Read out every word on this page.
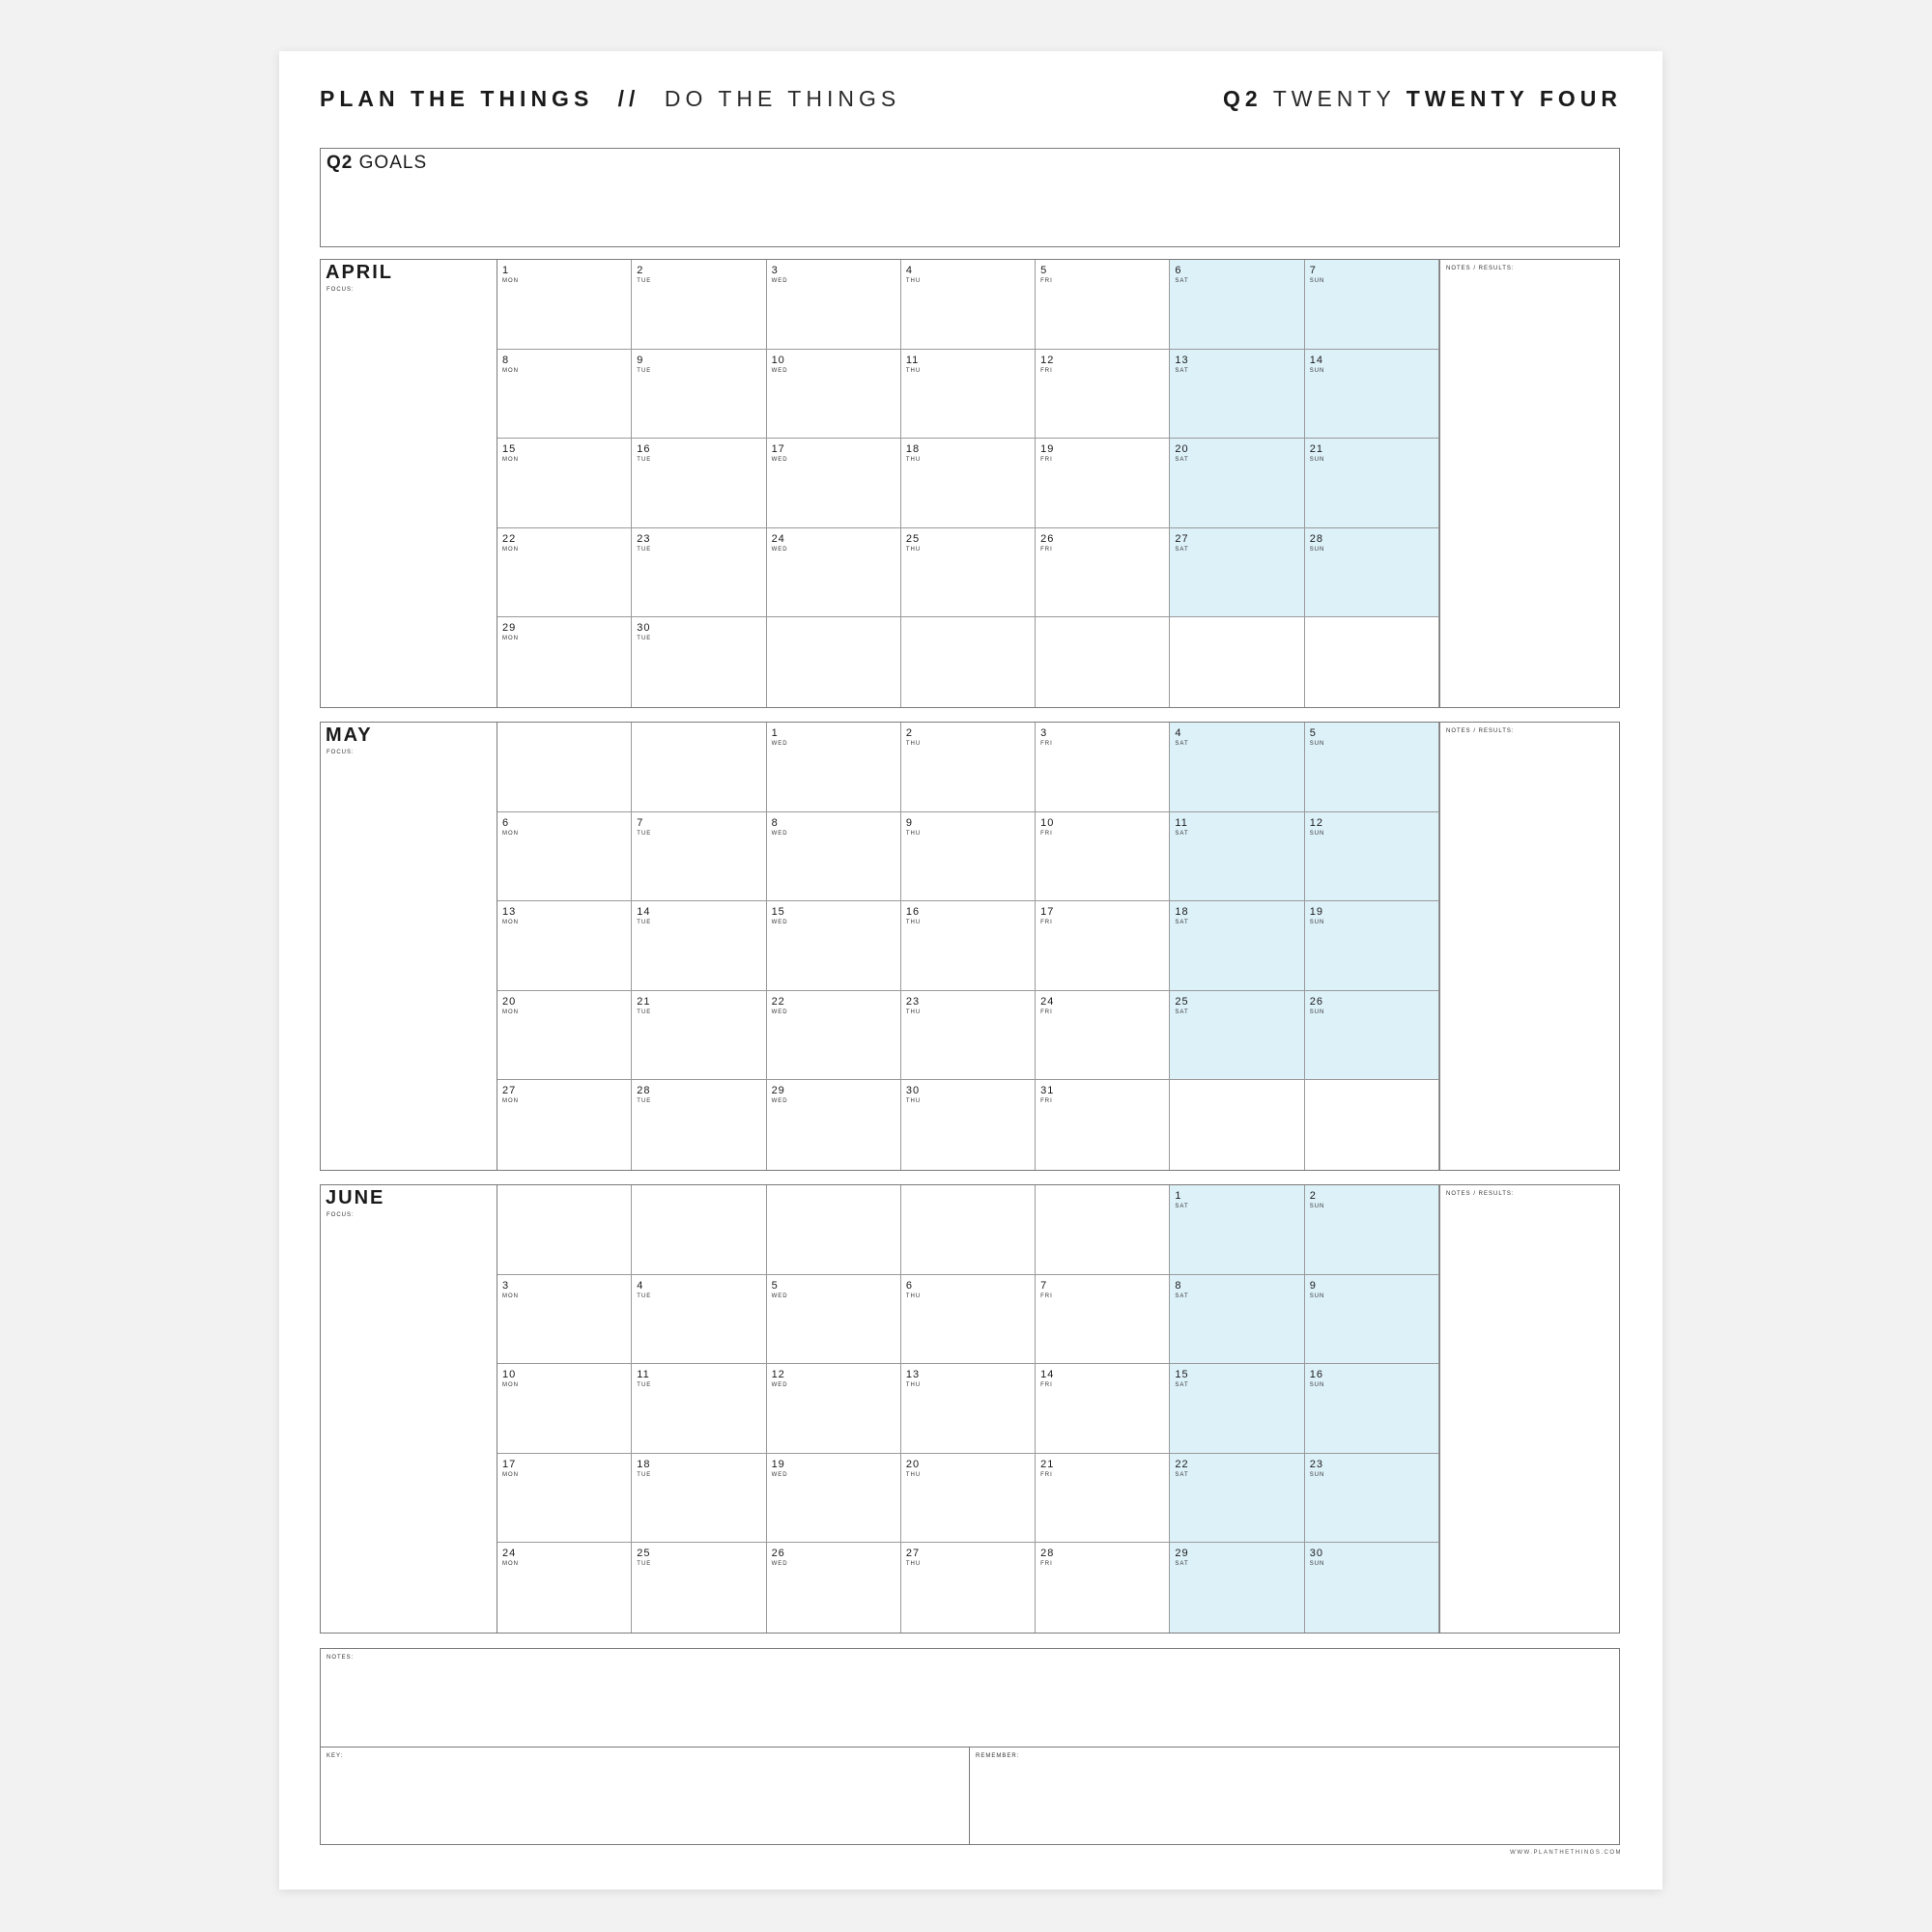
PLAN THE THINGS // DO THE THINGS	Q2 TWENTY TWENTY FOUR
Q2 GOALS
APRIL
FOCUS:
1
MON
2
TUE
3
WED
4
THU
5
FRI
6
SAT
7
SUN
8
MON
9
TUE
10
WED
11
THU
12
FRI
13
SAT
14
SUN
15
MON
16
TUE
17
WED
18
THU
19
FRI
20
SAT
21
SUN
22
MON
23
TUE
24
WED
25
THU
26
FRI
27
SAT
28
SUN
29
MON
30
TUE
NOTES / RESULTS:
MAY
FOCUS:
1
WED
2
THU
3
FRI
4
SAT
5
SUN
6
MON
7
TUE
8
WED
9
THU
10
FRI
11
SAT
12
SUN
13
MON
14
TUE
15
WED
16
THU
17
FRI
18
SAT
19
SUN
20
MON
21
TUE
22
WED
23
THU
24
FRI
25
SAT
26
SUN
27
MON
28
TUE
29
WED
30
THU
31
FRI
NOTES / RESULTS:
JUNE
FOCUS:
1
SAT
2
SUN
3
MON
4
TUE
5
WED
6
THU
7
FRI
8
SAT
9
SUN
10
MON
11
TUE
12
WED
13
THU
14
FRI
15
SAT
16
SUN
17
MON
18
TUE
19
WED
20
THU
21
FRI
22
SAT
23
SUN
24
MON
25
TUE
26
WED
27
THU
28
FRI
29
SAT
30
SUN
NOTES / RESULTS:
NOTES:
KEY:	REMEMBER:
WWW.PLANTHETHINGS.COM
